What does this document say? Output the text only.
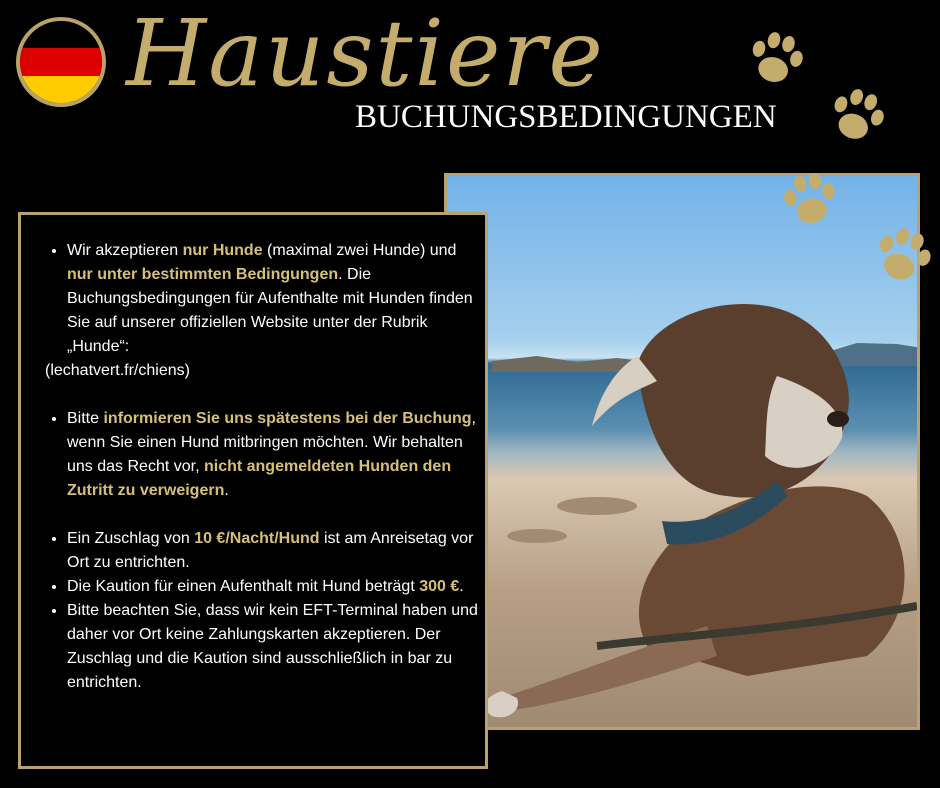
Haustiere
BUCHUNGSBEDINGUNGEN
• Wir akzeptieren nur Hunde (maximal zwei Hunde) und nur unter bestimmten Bedingungen. Die Buchungsbedingungen für Aufenthalte mit Hunden finden Sie auf unserer offiziellen Website unter der Rubrik „Hunde“:
(lechatvert.fr/chiens)
• Bitte informieren Sie uns spätestens bei der Buchung, wenn Sie einen Hund mitbringen möchten. Wir behalten uns das Recht vor, nicht angemeldeten Hunden den Zutritt zu verweigern.
• Ein Zuschlag von 10 €/Nacht/Hund ist am Anreisetag vor Ort zu entrichten.
• Die Kaution für einen Aufenthalt mit Hund beträgt 300 €.
• Bitte beachten Sie, dass wir kein EFT-Terminal haben und daher vor Ort keine Zahlungskarten akzeptieren. Der Zuschlag und die Kaution sind ausschließlich in bar zu entrichten.
